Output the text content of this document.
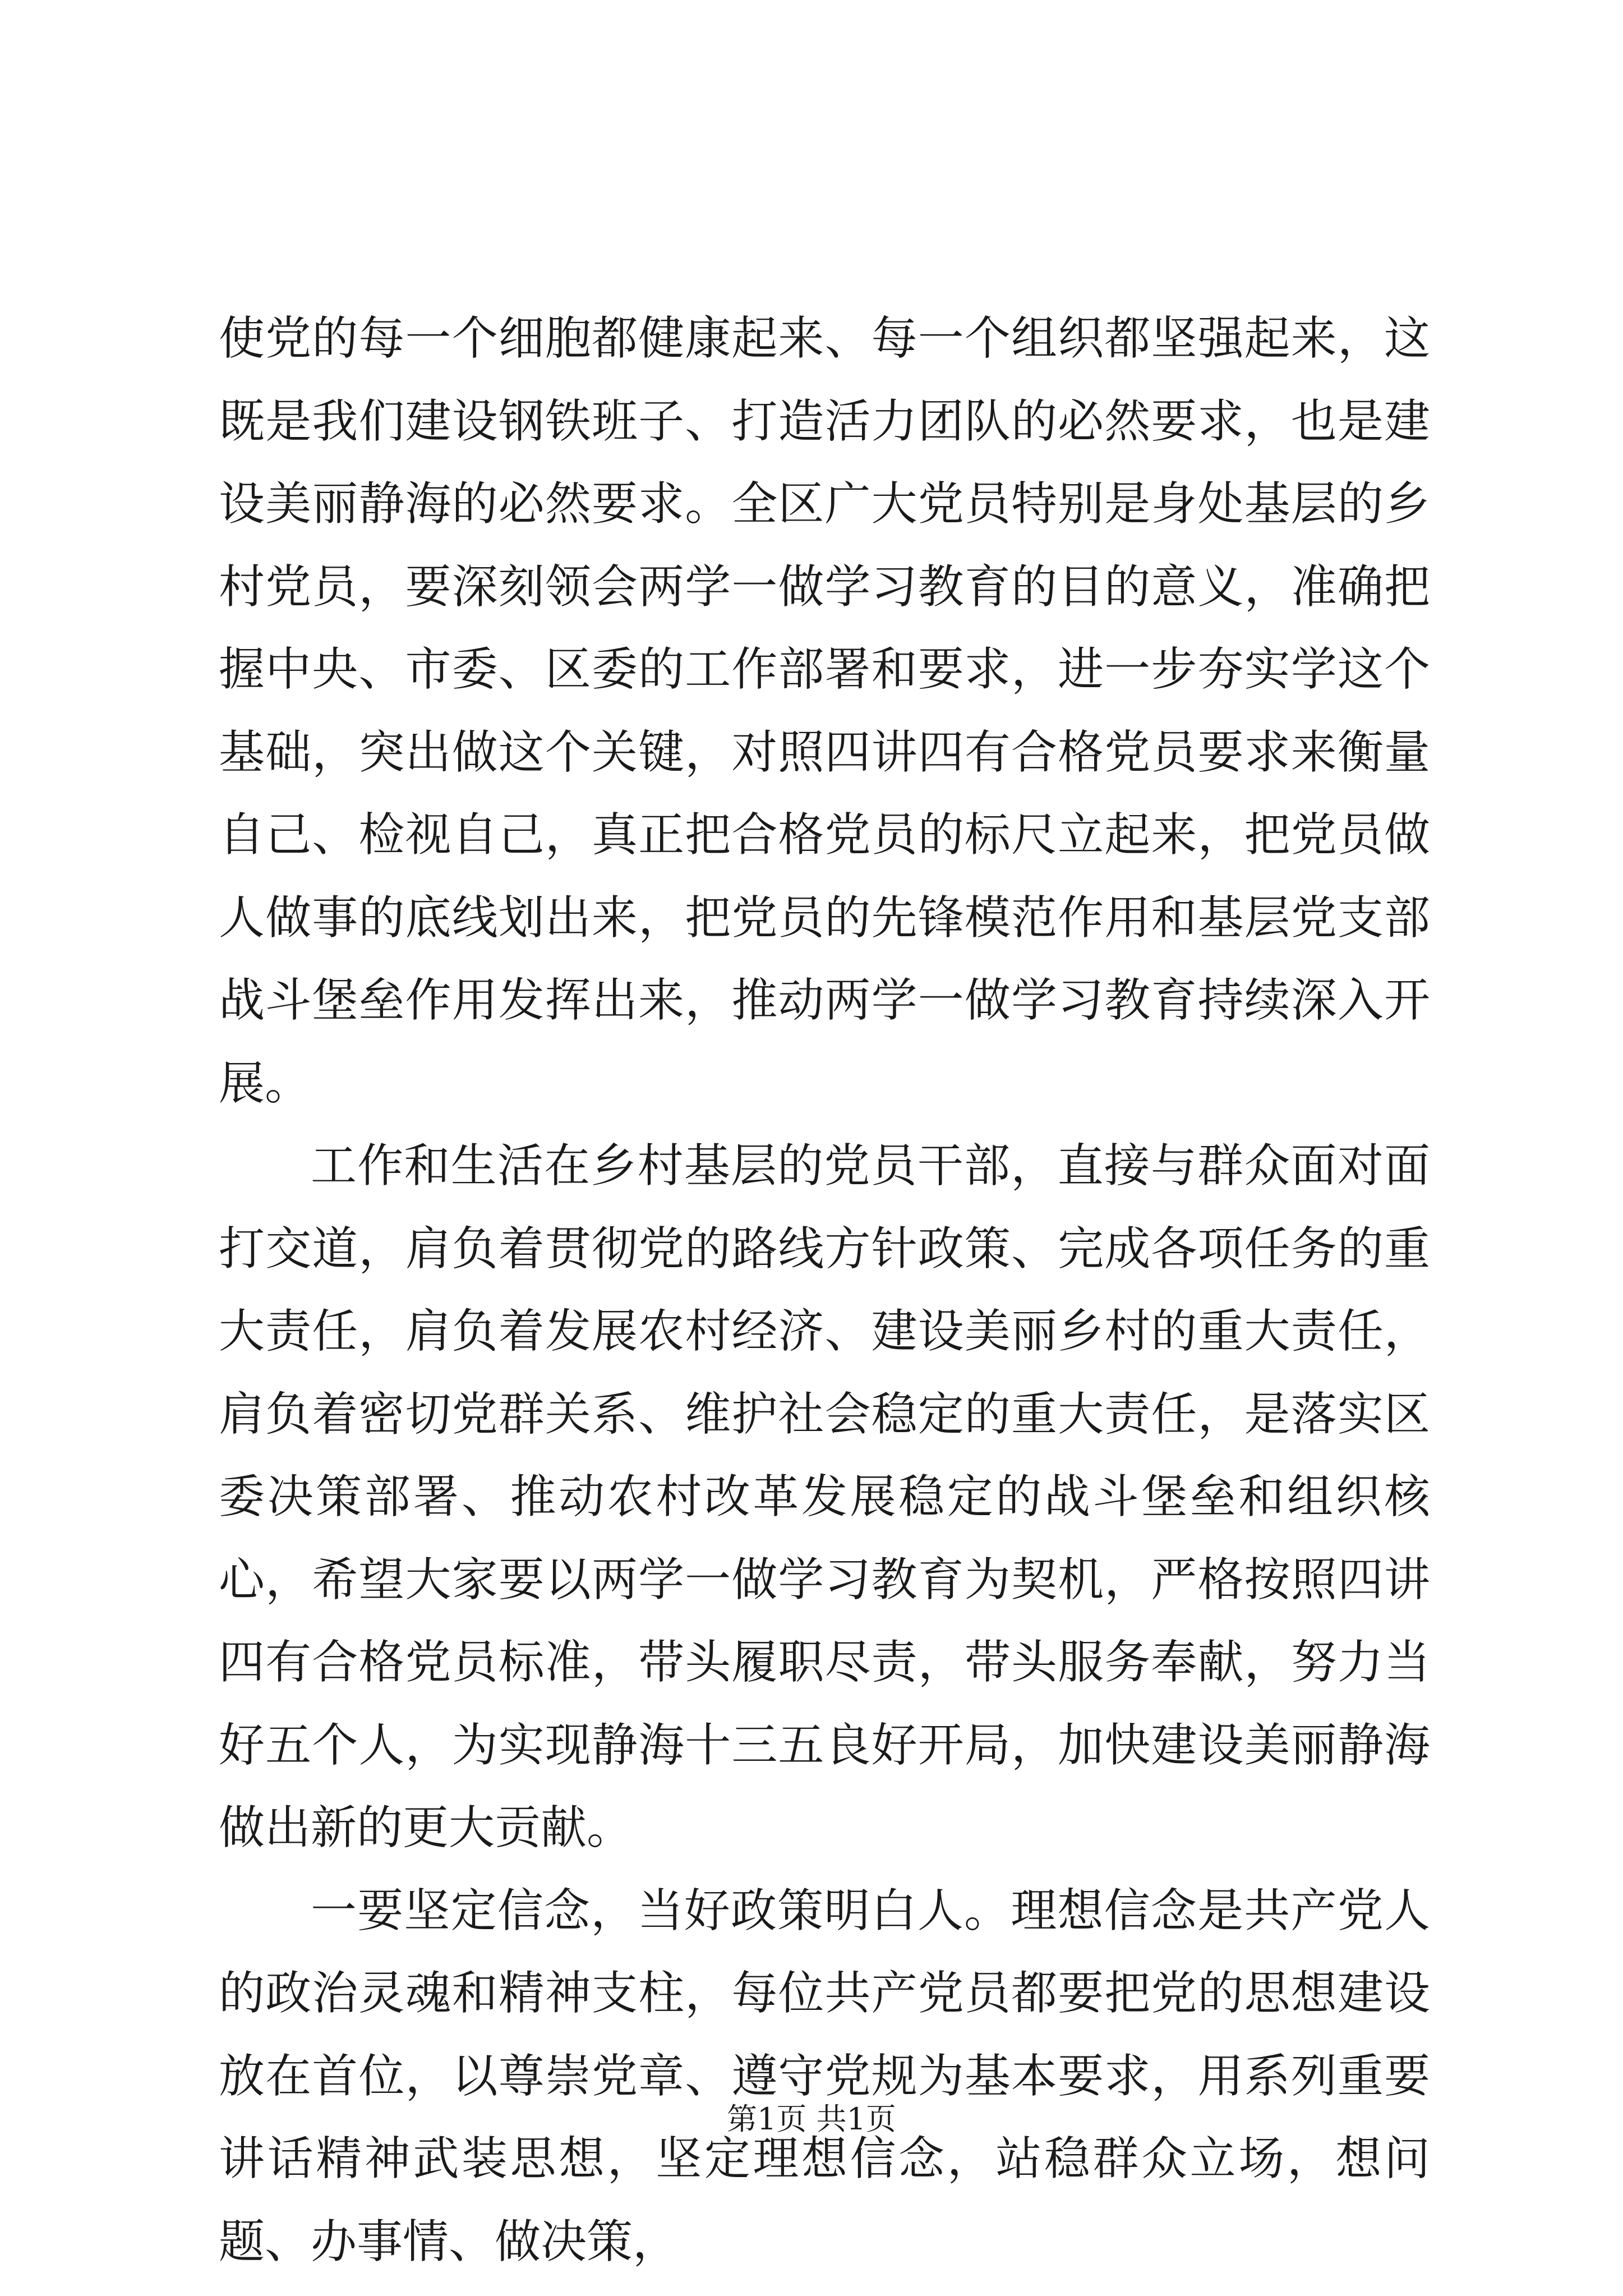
使党的每一个细胞都健康起来、每一个组织都坚强起来，这既是我们建设钢铁班子、打造活力团队的必然要求，也是建设美丽静海的必然要求。全区广大党员特别是身处基层的乡村党员，要深刻领会两学一做学习教育的目的意义，准确把握中央、市委、区委的工作部署和要求，进一步夯实学这个基础，突出做这个关键，对照四讲四有合格党员要求来衡量自己、检视自己，真正把合格党员的标尺立起来，把党员做人做事的底线划出来，把党员的先锋模范作用和基层党支部战斗堡垒作用发挥出来，推动两学一做学习教育持续深入开展。

工作和生活在乡村基层的党员干部，直接与群众面对面打交道，肩负着贯彻党的路线方针政策、完成各项任务的重大责任，肩负着发展农村经济、建设美丽乡村的重大责任，肩负着密切党群关系、维护社会稳定的重大责任，是落实区委决策部署、推动农村改革发展稳定的战斗堡垒和组织核心，希望大家要以两学一做学习教育为契机，严格按照四讲四有合格党员标准，带头履职尽责，带头服务奉献，努力当好五个人，为实现静海十三五良好开局，加快建设美丽静海做出新的更大贡献。

一要坚定信念，当好政策明白人。理想信念是共产党人的政治灵魂和精神支柱，每位共产党员都要把党的思想建设放在首位，以尊崇党章、遵守党规为基本要求，用系列重要讲话精神武装思想，坚定理想信念，站稳群众立场，想问题、办事情、做决策，

第1页 共1页
